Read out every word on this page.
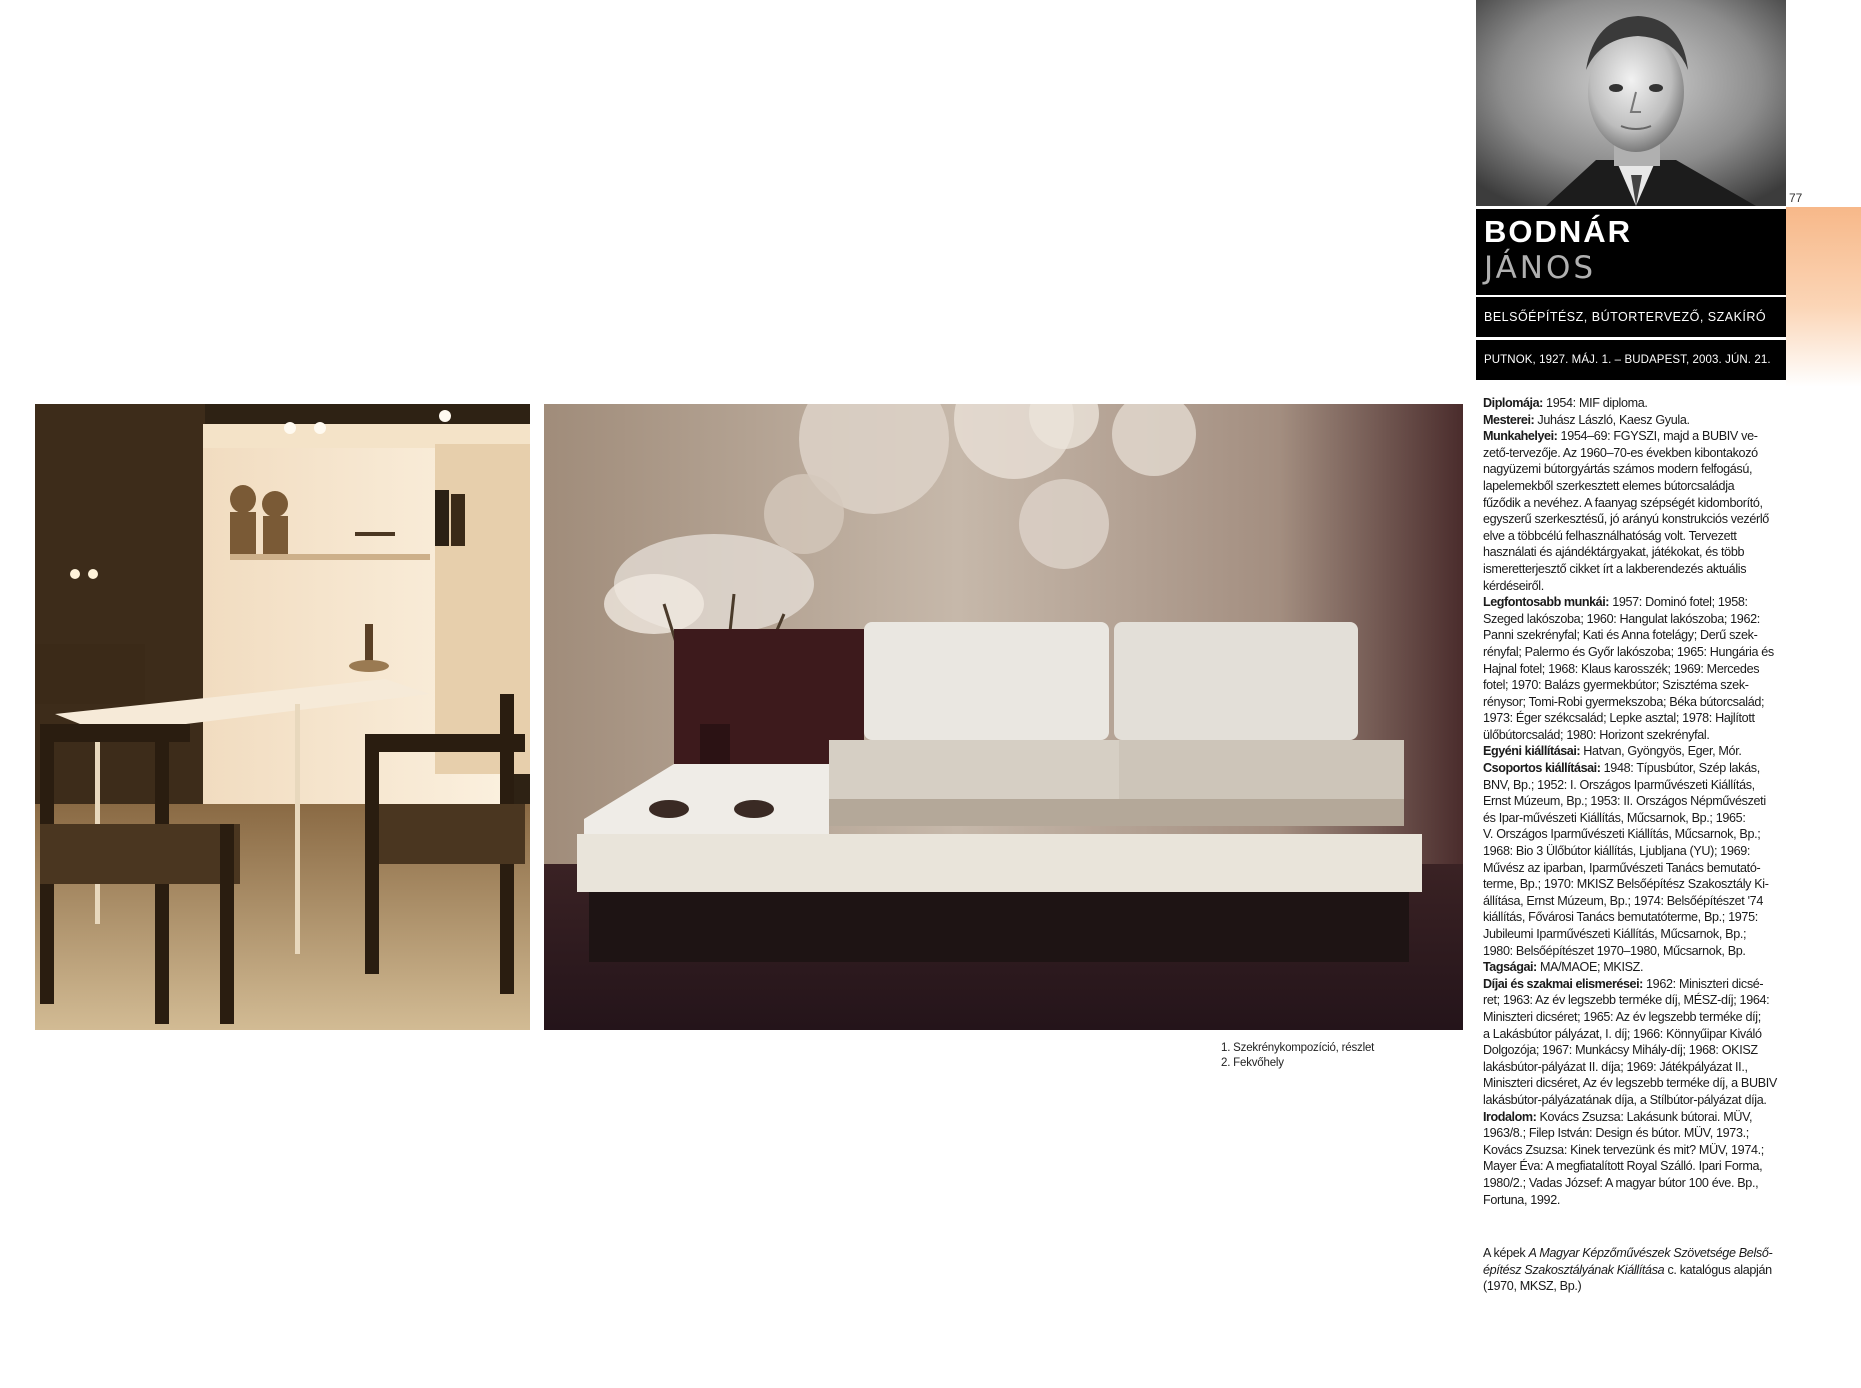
1. Szekrénykompozíció, részlet
2. Fekvőhely
77
BODNÁR
JÁNOS
BELSŐÉPÍTÉSZ, BÚTORTERVEZŐ, SZAKÍRÓ
PUTNOK, 1927. MÁJ. 1. – BUDAPEST, 2003. JÚN. 21.
Diplomája: 1954: MIF diploma.
Mesterei: Juhász László, Kaesz Gyula.
Munkahelyei: 1954–69: FGYSZI, majd a BUBIV ve-
zető-tervezője. Az 1960–70-es években kibontakozó
nagyüzemi bútorgyártás számos modern felfogású,
lapelemekből szerkesztett elemes bútorcsaládja
fűződik a nevéhez. A faanyag szépségét kidomborító,
egyszerű szerkesztésű, jó arányú konstrukciós vezérlő
elve a többcélú felhasználhatóság volt. Tervezett
használati és ajándéktárgyakat, játékokat, és több
ismeretterjesztő cikket írt a lakberendezés aktuális
kérdéseiről.
Legfontosabb munkái: 1957: Dominó fotel; 1958:
Szeged lakószoba; 1960: Hangulat lakószoba; 1962:
Panni szekrényfal; Kati és Anna fotelágy; Derű szek-
rényfal; Palermo és Győr lakószoba; 1965: Hungária és
Hajnal fotel; 1968: Klaus karosszék; 1969: Mercedes
fotel; 1970: Balázs gyermekbútor; Szisztéma szek-
rénysor; Tomi-Robi gyermekszoba; Béka bútorcsalád;
1973: Éger székcsalád; Lepke asztal; 1978: Hajlított
ülőbútorcsalád; 1980: Horizont szekrényfal.
Egyéni kiállításai: Hatvan, Gyöngyös, Eger, Mór.
Csoportos kiállításai: 1948: Típusbútor, Szép lakás,
BNV, Bp.; 1952: I. Országos Iparművészeti Kiállítás,
Ernst Múzeum, Bp.; 1953: II. Országos Népművészeti
és Ipar-művészeti Kiállítás, Műcsarnok, Bp.; 1965:
V. Országos Iparművészeti Kiállítás, Műcsarnok, Bp.;
1968: Bio 3 Ülőbútor kiállítás, Ljubljana (YU); 1969:
Művész az iparban, Iparművészeti Tanács bemutató-
terme, Bp.; 1970: MKISZ Belsőépítész Szakosztály Ki-
állítása, Ernst Múzeum, Bp.; 1974: Belsőépítészet '74
kiállítás, Fővárosi Tanács bemutatóterme, Bp.; 1975:
Jubileumi Iparművészeti Kiállítás, Műcsarnok, Bp.;
1980: Belsőépítészet 1970–1980, Műcsarnok, Bp.
Tagságai: MA/MAOE; MKISZ.
Díjai és szakmai elismerései: 1962: Miniszteri dicsé-
ret; 1963: Az év legszebb terméke díj, MÉSZ-díj; 1964:
Miniszteri dicséret; 1965: Az év legszebb terméke díj;
a Lakásbútor pályázat, I. díj; 1966: Könnyűipar Kiváló
Dolgozója; 1967: Munkácsy Mihály-díj; 1968: OKISZ
lakásbútor-pályázat II. díja; 1969: Játékpályázat II.,
Miniszteri dicséret, Az év legszebb terméke díj, a BUBIV
lakásbútor-pályázatának díja, a Stílbútor-pályázat díja.
Irodalom: Kovács Zsuzsa: Lakásunk bútorai. MÜV,
1963/8.; Filep István: Design és bútor. MÜV, 1973.;
Kovács Zsuzsa: Kinek tervezünk és mit? MÜV, 1974.;
Mayer Éva: A megfiatalított Royal Szálló. Ipari Forma,
1980/2.; Vadas József: A magyar bútor 100 éve. Bp.,
Fortuna, 1992.
A képek A Magyar Képzőművészek Szövetsége Belső-
építész Szakosztályának Kiállítása c. katalógus alapján
(1970, MKSZ, Bp.)
